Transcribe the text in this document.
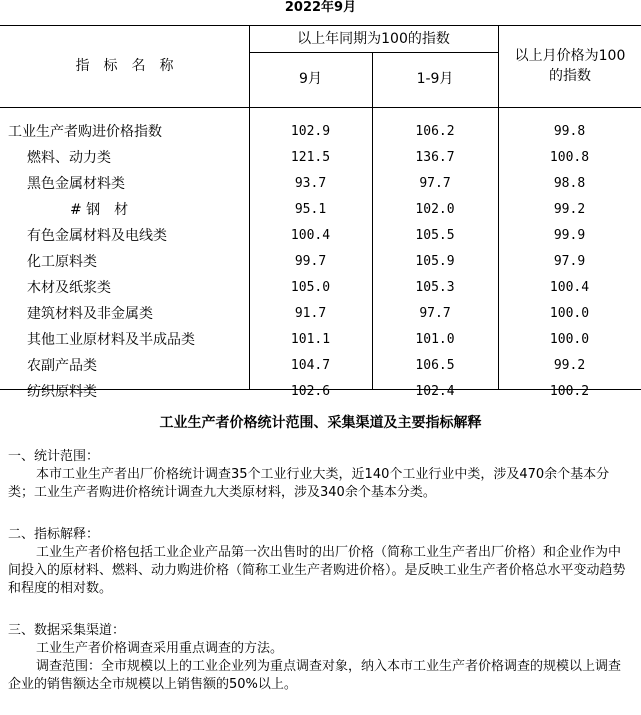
2022年9月
指　标　名　称
以上年同期为100的指数
9月	1-9月
以上月价格为100的指数
工业生产者购进价格指数	102.9	106.2	99.8
燃料、动力类	121.5	136.7	100.8
黑色金属材料类	93.7	97.7	98.8
# 钢　材	95.1	102.0	99.2
有色金属材料及电线类	100.4	105.5	99.9
化工原料类	99.7	105.9	97.9
木材及纸浆类	105.0	105.3	100.4
建筑材料及非金属类	91.7	97.7	100.0
其他工业原材料及半成品类	101.1	101.0	100.0
农副产品类	104.7	106.5	99.2
纺织原料类	102.6	102.4	100.2
工业生产者价格统计范围、采集渠道及主要指标解释

一、统计范围：

本市工业生产者出厂价格统计调查35个工业行业大类，近140个工业行业中类，涉及470余个基本分类；工业生产者购进价格统计调查九大类原材料，涉及340余个基本分类。

二、指标解释：

工业生产者价格包括工业企业产品第一次出售时的出厂价格（简称工业生产者出厂价格）和企业作为中间投入的原材料、燃料、动力购进价格（简称工业生产者购进价格）。是反映工业生产者价格总水平变动趋势和程度的相对数。

三、数据采集渠道：

工业生产者价格调查采用重点调查的方法。

调查范围：全市规模以上的工业企业列为重点调查对象，纳入本市工业生产者价格调查的规模以上调查企业的销售额达全市规模以上销售额的50%以上。
